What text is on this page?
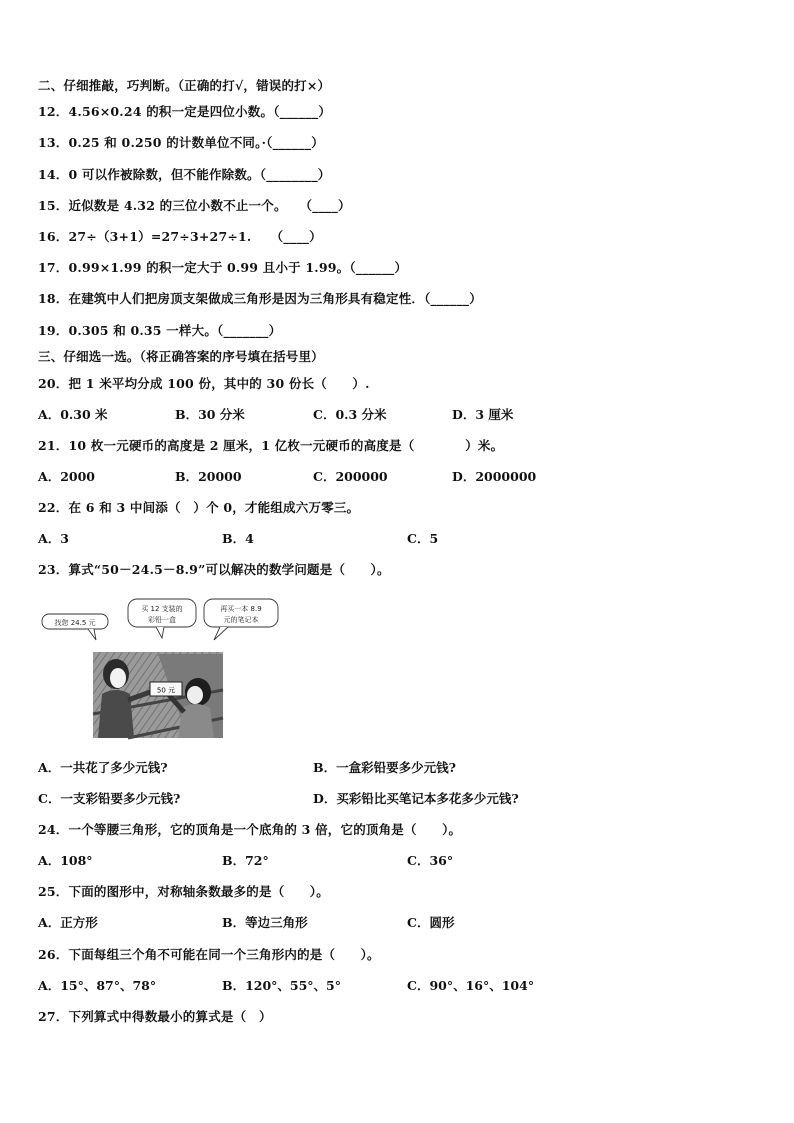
二、仔细推敲，巧判断。（正确的打√，错误的打×）
12．4.56×0.24 的积一定是四位小数。（______）
13．0.25 和 0.250 的计数单位不同。·（______）
14．0 可以作被除数，但不能作除数。（________）
15．近似数是 4.32 的三位小数不止一个。　　（____）
16．27÷（3+1）=27÷3+27÷1.　　（____）
17．0.99×1.99 的积一定大于 0.99 且小于 1.99。（______）
18．在建筑中人们把房顶支架做成三角形是因为三角形具有稳定性．（______）
19．0.305 和 0.35 一样大。（_______）
三、仔细选一选。（将正确答案的序号填在括号里）
20．把 1 米平均分成 100 份，其中的 30 份长（　　）.
A．0.30 米	B．30 分米	C．0.3 分米	D．3 厘米
21．10 枚一元硬币的高度是 2 厘米，1 亿枚一元硬币的高度是（　　　　）米。
A．2000	B．20000	C．200000	D．2000000
22．在 6 和 3 中间添（　）个 0，才能组成六万零三。
A．3	B．4	C．5
23．算式“50－24.5－8.9”可以解决的数学问题是（　　）。
50 元
找您 24.5 元
买 12 支装的
彩铅一盒
再买一本 8.9
元的笔记本
A．一共花了多少元钱?	B．一盒彩铅要多少元钱?
C．一支彩铅要多少元钱?	D．买彩铅比买笔记本多花多少元钱?
24．一个等腰三角形，它的顶角是一个底角的 3 倍，它的顶角是（　　）。
A．108°	B．72°	C．36°
25．下面的图形中，对称轴条数最多的是（　　）。
A．正方形	B．等边三角形	C．圆形
26．下面每组三个角不可能在同一个三角形内的是（　　）。
A．15°、87°、78°	B．120°、55°、5°	C．90°、16°、104°
27．下列算式中得数最小的算式是（　）
